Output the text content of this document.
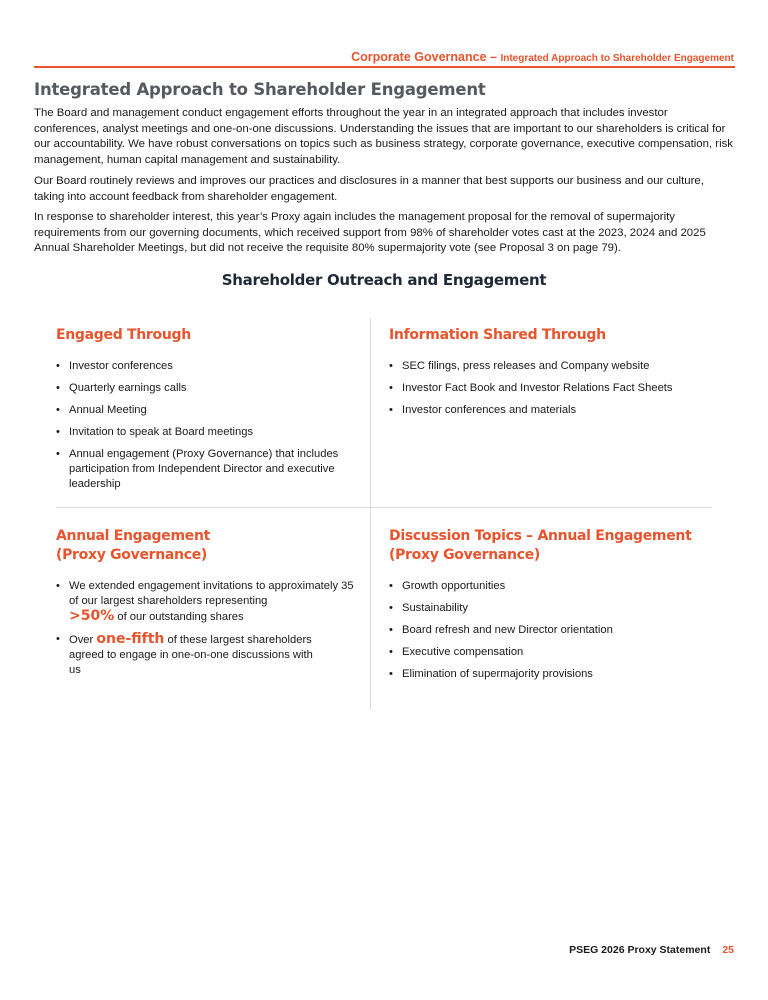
Corporate Governance – Integrated Approach to Shareholder Engagement
Integrated Approach to Shareholder Engagement

The Board and management conduct engagement efforts throughout the year in an integrated approach that includes investor conferences, analyst meetings and one-on-one discussions. Understanding the issues that are important to our shareholders is critical for our accountability. We have robust conversations on topics such as business strategy, corporate governance, executive compensation, risk management, human capital management and sustainability.

Our Board routinely reviews and improves our practices and disclosures in a manner that best supports our business and our culture, taking into account feedback from shareholder engagement.

In response to shareholder interest, this year’s Proxy again includes the management proposal for the removal of supermajority requirements from our governing documents, which received support from 98% of shareholder votes cast at the 2023, 2024 and 2025 Annual Shareholder Meetings, but did not receive the requisite 80% supermajority vote (see Proposal 3 on page 79).

Shareholder Outreach and Engagement
Engaged Through
• Investor conferences
• Quarterly earnings calls
• Annual Meeting
• Invitation to speak at Board meetings
• Annual engagement (Proxy Governance) that includes participation from Independent Director and executive leadership
Information Shared Through
• SEC filings, press releases and Company website
• Investor Fact Book and Investor Relations Fact Sheets
• Investor conferences and materials
Annual Engagement
(Proxy Governance)
• We extended engagement invitations to approximately 35 of our largest shareholders representing
>50% of our outstanding shares
• Over one-fifth of these largest shareholders agreed to engage in one-on-one discussions with us
Discussion Topics – Annual Engagement
(Proxy Governance)
• Growth opportunities
• Sustainability
• Board refresh and new Director orientation
• Executive compensation
• Elimination of supermajority provisions
PSEG 2026 Proxy Statement 25
